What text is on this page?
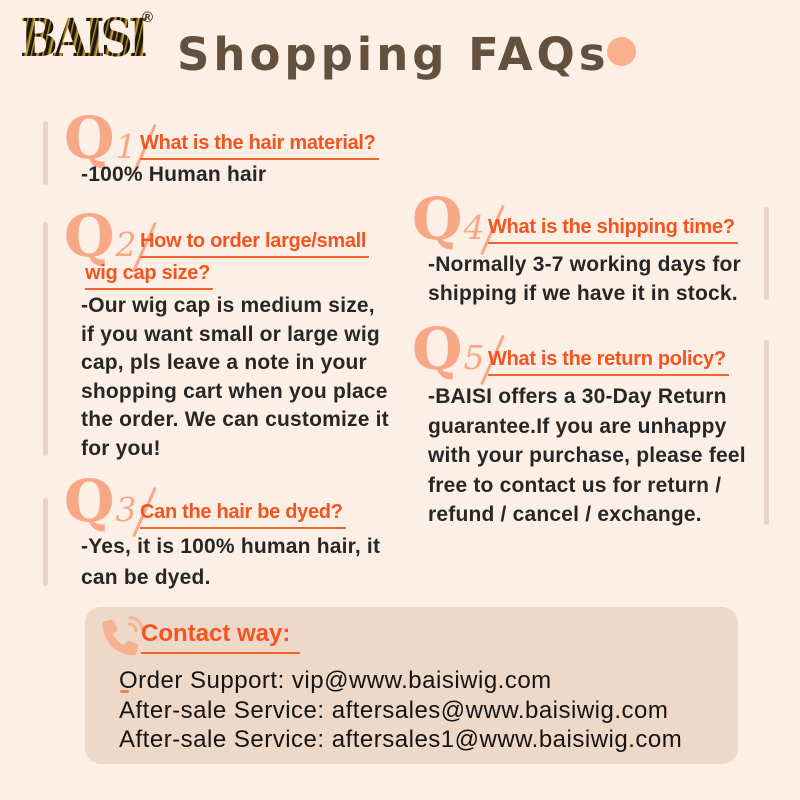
BAISI
®
Shopping FAQs
Q 1 What is the hair material?
-100% Human hair
Q 2 How to order large/small
wig cap size?
-Our wig cap is medium size,
if you want small or large wig
cap, pls leave a note in your
shopping cart when you place
the order. We can customize it
for you!
Q 3 Can the hair be dyed?
-Yes, it is 100% human hair, it
can be dyed.
Q 4 What is the shipping time?
-Normally 3-7 working days for
shipping if we have it in stock.
Q 5 What is the return policy?
-BAISI offers a 30-Day Return
guarantee.If you are unhappy
with your purchase, please feel
free to contact us for return /
refund / cancel / exchange.
Contact way:
Order Support: vip@www.baisiwig.com
After-sale Service: aftersales@www.baisiwig.com
After-sale Service: aftersales1@www.baisiwig.com
